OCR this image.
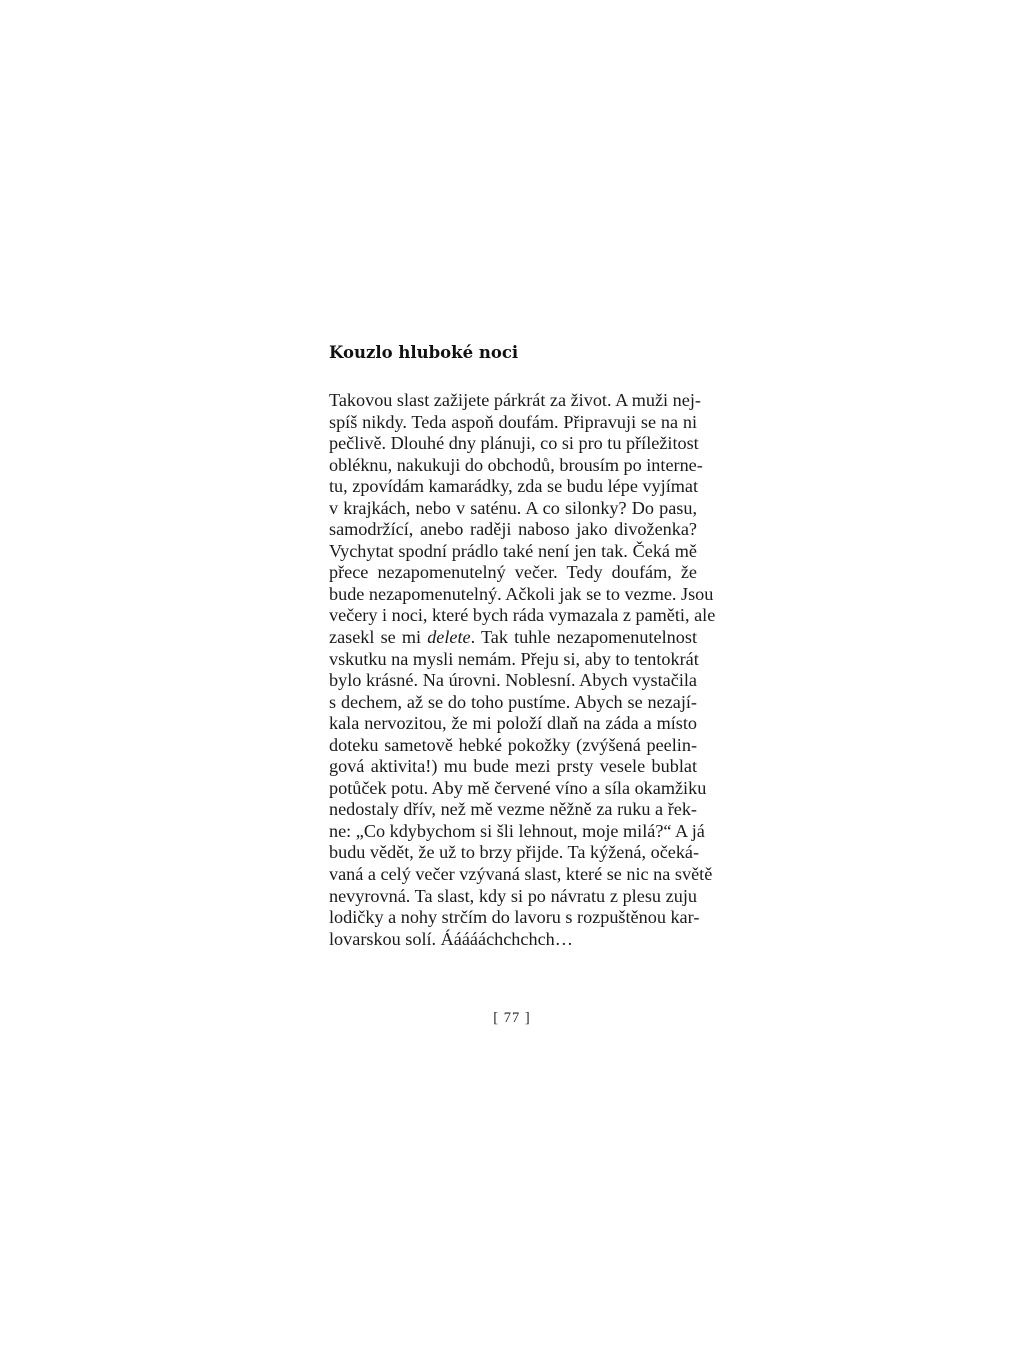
Kouzlo hluboké noci
Takovou slast zažijete párkrát za život. A muži nej-
spíš nikdy. Teda aspoň doufám. Připravuji se na ni
pečlivě. Dlouhé dny plánuji, co si pro tu příležitost
obléknu, nakukuji do obchodů, brousím po interne-
tu, zpovídám kamarádky, zda se budu lépe vyjímat
v krajkách, nebo v saténu. A co silonky? Do pasu,
samodržící, anebo raději naboso jako divoženka?
Vychytat spodní prádlo také není jen tak. Čeká mě
přece nezapomenutelný večer. Tedy doufám, že
bude nezapomenutelný. Ačkoli jak se to vezme. Jsou
večery i noci, které bych ráda vymazala z paměti, ale
zasekl se mi delete. Tak tuhle nezapomenutelnost
vskutku na mysli nemám. Přeju si, aby to tentokrát
bylo krásné. Na úrovni. Noblesní. Abych vystačila
s dechem, až se do toho pustíme. Abych se nezají-
kala nervozitou, že mi položí dlaň na záda a místo
doteku sametově hebké pokožky (zvýšená peelin-
gová aktivita!) mu bude mezi prsty vesele bublat
potůček potu. Aby mě červené víno a síla okamžiku
nedostaly dřív, než mě vezme něžně za ruku a řek-
ne: „Co kdybychom si šli lehnout, moje milá?“ A já
budu vědět, že už to brzy přijde. Ta kýžená, očeká-
vaná a celý večer vzývaná slast, které se nic na světě
nevyrovná. Ta slast, kdy si po návratu z plesu zuju
lodičky a nohy strčím do lavoru s rozpuštěnou kar-
lovarskou solí. Áááááchchchch…
[ 77 ]
